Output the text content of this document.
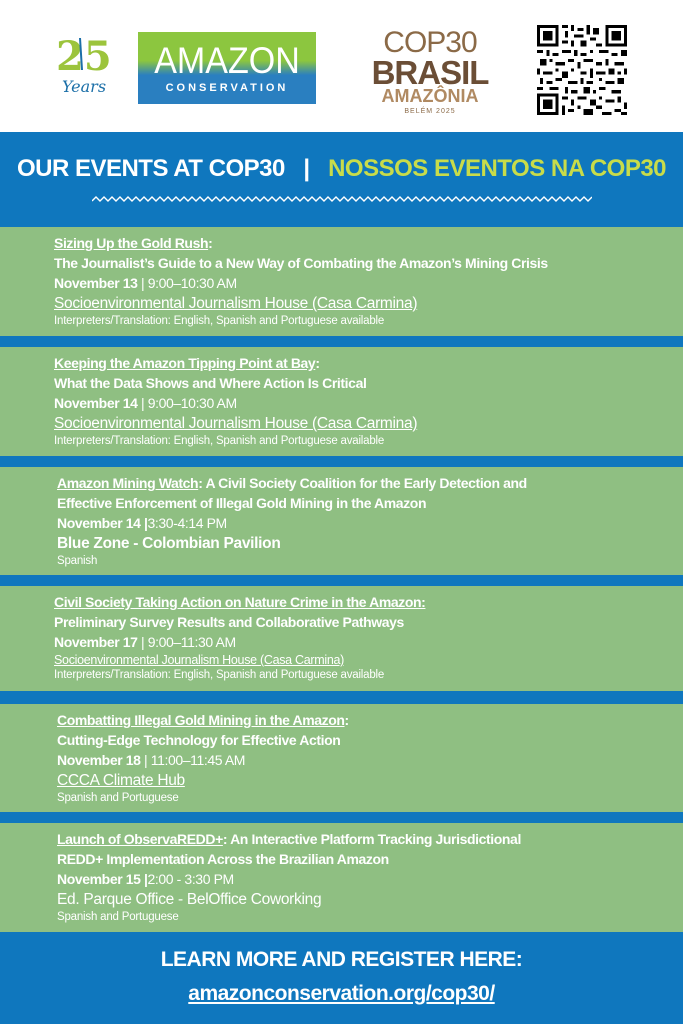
25
Years
AMAZON
CONSERVATION
COP30
BRASIL
AMAZÔNIA
BELÉM 2025
OUR EVENTS AT COP30 | NOSSOS EVENTOS NA COP30
Sizing Up the Gold Rush:
The Journalist’s Guide to a New Way of Combating the Amazon’s Mining Crisis
November 13 | 9:00–10:30 AM
Socioenvironmental Journalism House (Casa Carmina)
Interpreters/Translation: English, Spanish and Portuguese available
Keeping the Amazon Tipping Point at Bay:
What the Data Shows and Where Action Is Critical
November 14 | 9:00–10:30 AM
Socioenvironmental Journalism House (Casa Carmina)
Interpreters/Translation: English, Spanish and Portuguese available
Amazon Mining Watch: A Civil Society Coalition for the Early Detection and
Effective Enforcement of Illegal Gold Mining in the Amazon
November 14 |3:30-4:14 PM
Blue Zone - Colombian Pavilion
Spanish
Civil Society Taking Action on Nature Crime in the Amazon:
Preliminary Survey Results and Collaborative Pathways
November 17 | 9:00–11:30 AM
Socioenvironmental Journalism House (Casa Carmina)
Interpreters/Translation: English, Spanish and Portuguese available
Combatting Illegal Gold Mining in the Amazon:
Cutting-Edge Technology for Effective Action
November 18 | 11:00–11:45 AM
CCCA Climate Hub
Spanish and Portuguese
Launch of ObservaREDD+: An Interactive Platform Tracking Jurisdictional
REDD+ Implementation Across the Brazilian Amazon
November 15 |2:00 - 3:30 PM
Ed. Parque Office - BelOffice Coworking
Spanish and Portuguese
LEARN MORE AND REGISTER HERE:
amazonconservation.org/cop30/
